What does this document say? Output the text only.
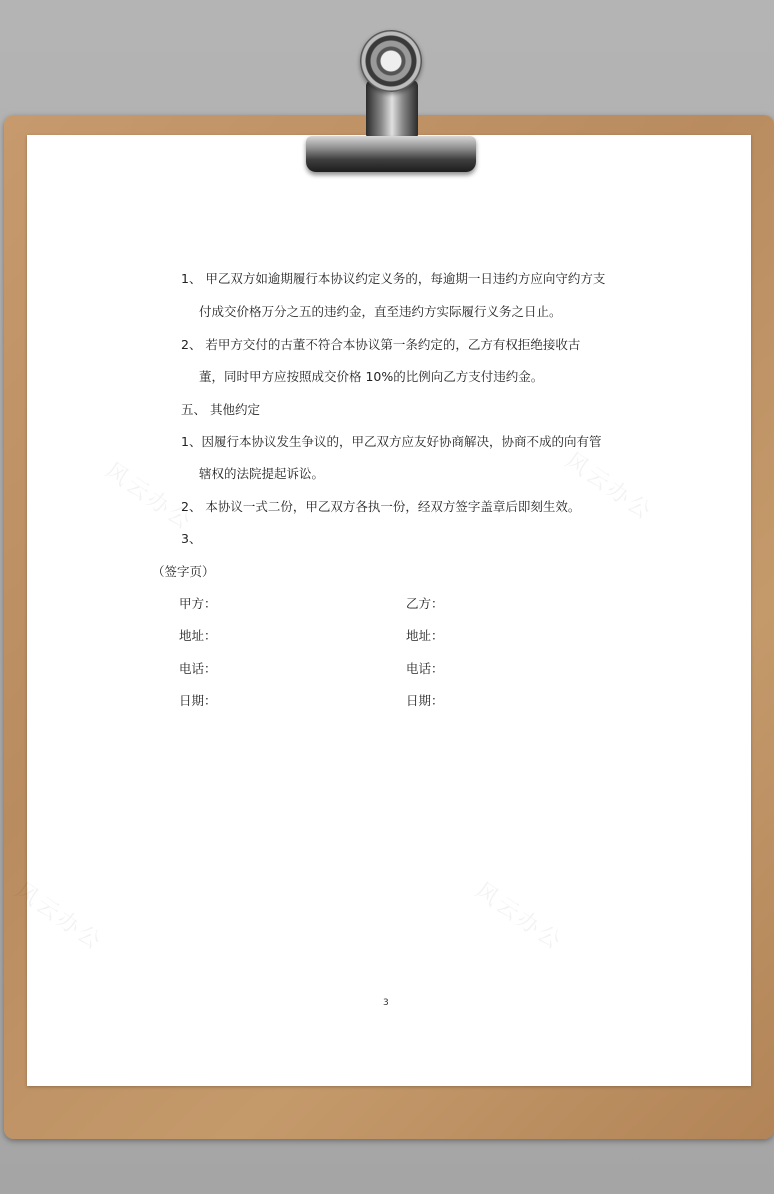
风云办公	风云办公
风云办公	风云办公
1、 甲乙双方如逾期履行本协议约定义务的，每逾期一日违约方应向守约方支
付成交价格万分之五的违约金，直至违约方实际履行义务之日止。
2、 若甲方交付的古董不符合本协议第一条约定的，乙方有权拒绝接收古
董，同时甲方应按照成交价格 10%的比例向乙方支付违约金。
五、 其他约定
1、因履行本协议发生争议的，甲乙双方应友好协商解决，协商不成的向有管
辖权的法院提起诉讼。
2、 本协议一式二份，甲乙双方各执一份，经双方签字盖章后即刻生效。
3、
（签字页）
甲方：	乙方：
地址：	地址：
电话：	电话：
日期：	日期：
3
